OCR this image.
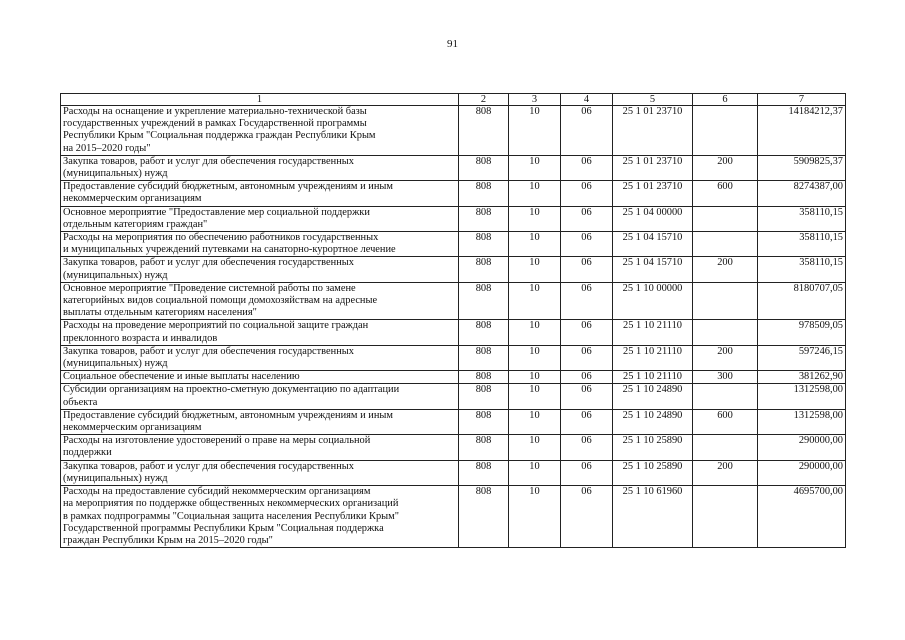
91
1	2	3	4	5	6	7

Расходы на оснащение и укрепление материально-технической базы
государственных учреждений в рамках Государственной программы
Республики Крым "Социальная поддержка граждан Республики Крым
на 2015–2020 годы"	808	10	06	25 1 01 23710		14184212,37

Закупка товаров, работ и услуг для обеспечения государственных
(муниципальных) нужд	808	10	06	25 1 01 23710	200	5909825,37

Предоставление субсидий бюджетным, автономным учреждениям и иным
некоммерческим организациям	808	10	06	25 1 01 23710	600	8274387,00

Основное мероприятие "Предоставление мер социальной поддержки
отдельным категориям граждан"	808	10	06	25 1 04 00000		358110,15

Расходы на мероприятия по обеспечению работников государственных
и муниципальных учреждений путевками на санаторно-курортное лечение	808	10	06	25 1 04 15710		358110,15

Закупка товаров, работ и услуг для обеспечения государственных
(муниципальных) нужд	808	10	06	25 1 04 15710	200	358110,15

Основное мероприятие "Проведение системной работы по замене
категорийных видов социальной помощи домохозяйствам на адресные
выплаты отдельным категориям населения"	808	10	06	25 1 10 00000		8180707,05

Расходы на проведение мероприятий по социальной защите граждан
преклонного возраста и инвалидов	808	10	06	25 1 10 21110		978509,05

Закупка товаров, работ и услуг для обеспечения государственных
(муниципальных) нужд	808	10	06	25 1 10 21110	200	597246,15

Социальное обеспечение и иные выплаты населению	808	10	06	25 1 10 21110	300	381262,90

Субсидии организациям на проектно-сметную документацию по адаптации
объекта	808	10	06	25 1 10 24890		1312598,00

Предоставление субсидий бюджетным, автономным учреждениям и иным
некоммерческим организациям	808	10	06	25 1 10 24890	600	1312598,00

Расходы на изготовление удостоверений о праве на меры социальной
поддержки	808	10	06	25 1 10 25890		290000,00

Закупка товаров, работ и услуг для обеспечения государственных
(муниципальных) нужд	808	10	06	25 1 10 25890	200	290000,00

Расходы на предоставление субсидий некоммерческим организациям
на мероприятия по поддержке общественных некоммерческих организаций
в рамках подпрограммы "Социальная защита населения Республики Крым"
Государственной программы Республики Крым "Социальная поддержка
граждан Республики Крым на 2015–2020 годы"	808	10	06	25 1 10 61960		4695700,00
